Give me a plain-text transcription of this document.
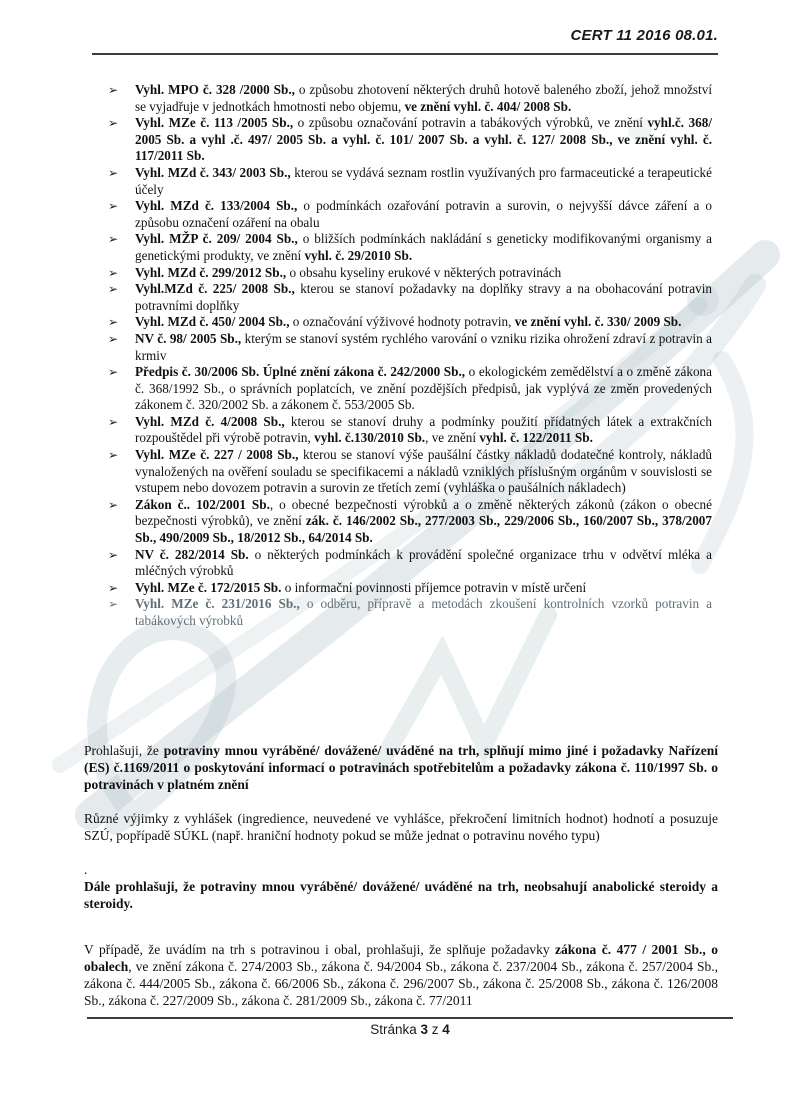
CERT 11 2016 08.01.
➢ Vyhl. MPO č. 328 /2000 Sb., o způsobu zhotovení některých druhů hotově baleného zboží, jehož množství se vyjadřuje v jednotkách hmotnosti nebo objemu, ve znění vyhl. č. 404/ 2008 Sb.
➢ Vyhl. MZe č. 113 /2005 Sb., o způsobu označování potravin a tabákových výrobků, ve znění vyhl.č. 368/ 2005 Sb. a vyhl .č. 497/ 2005 Sb. a vyhl. č. 101/ 2007 Sb. a vyhl. č. 127/ 2008 Sb., ve znění vyhl. č. 117/2011 Sb.
➢ Vyhl. MZd č. 343/ 2003 Sb., kterou se vydává seznam rostlin využívaných pro farmaceutické a terapeutické účely
➢ Vyhl. MZd č. 133/2004 Sb., o podmínkách ozařování potravin a surovin, o nejvyšší dávce záření a o způsobu označení ozáření na obalu
➢ Vyhl. MŽP č. 209/ 2004 Sb., o bližších podmínkách nakládání s geneticky modifikovanými organismy a genetickými produkty, ve znění vyhl. č. 29/2010 Sb.
➢ Vyhl. MZd č. 299/2012 Sb., o obsahu kyseliny erukové v některých potravinách
➢ Vyhl.MZd č. 225/ 2008 Sb., kterou se stanoví požadavky na doplňky stravy a na obohacování potravin potravními doplňky
➢ Vyhl. MZd č. 450/ 2004 Sb., o označování výživové hodnoty potravin, ve znění vyhl. č. 330/ 2009 Sb.
➢ NV č. 98/ 2005 Sb., kterým se stanoví systém rychlého varování o vzniku rizika ohrožení zdraví z potravin a krmiv
➢ Předpis č. 30/2006 Sb. Úplné znění zákona č. 242/2000 Sb., o ekologickém zemědělství a o změně zákona č. 368/1992 Sb., o správních poplatcích, ve znění pozdějších předpisů, jak vyplývá ze změn provedených zákonem č. 320/2002 Sb. a zákonem č. 553/2005 Sb.
➢ Vyhl. MZd č. 4/2008 Sb., kterou se stanoví druhy a podmínky použití přídatných látek a extrakčních rozpouštědel při výrobě potravin, vyhl. č.130/2010 Sb., ve znění vyhl. č. 122/2011 Sb.
➢ Vyhl. MZe č. 227 / 2008 Sb., kterou se stanoví výše paušální částky nákladů dodatečné kontroly, nákladů vynaložených na ověření souladu se specifikacemi a nákladů vzniklých příslušným orgánům v souvislosti se vstupem nebo dovozem potravin a surovin ze třetích zemí (vyhláška o paušálních nákladech)
➢ Zákon č.. 102/2001 Sb., o obecné bezpečnosti výrobků a o změně některých zákonů (zákon o obecné bezpečnosti výrobků), ve znění zák. č. 146/2002 Sb., 277/2003 Sb., 229/2006 Sb., 160/2007 Sb., 378/2007 Sb., 490/2009 Sb., 18/2012 Sb., 64/2014 Sb.
➢ NV č. 282/2014 Sb. o některých podmínkách k provádění společné organizace trhu v odvětví mléka a mléčných výrobků
➢ Vyhl. MZe č. 172/2015 Sb. o informační povinnosti příjemce potravin v místě určení
➢ Vyhl. MZe č. 231/2016 Sb., o odběru, přípravě a metodách zkoušení kontrolních vzorků potravin a tabákových výrobků

Prohlašuji, že potraviny mnou vyráběné/ dovážené/ uváděné na trh, splňují mimo jiné i požadavky Nařízení (ES) č.1169/2011 o poskytování informací o potravinách spotřebitelům a požadavky zákona č. 110/1997 Sb. o potravinách v platném znění

Různé výjimky z vyhlášek (ingredience, neuvedené ve vyhlášce, překročení limitních hodnot) hodnotí a posuzuje SZÚ, popřípadě SÚKL (např. hraniční hodnoty pokud se může jednat o potravinu nového typu)

.

Dále prohlašuji, že potraviny mnou vyráběné/ dovážené/ uváděné na trh, neobsahují anabolické steroidy a steroidy.

V případě, že uvádím na trh s potravinou i obal, prohlašuji, že splňuje požadavky zákona č. 477 / 2001 Sb., o obalech, ve znění zákona č. 274/2003 Sb., zákona č. 94/2004 Sb., zákona č. 237/2004 Sb., zákona č. 257/2004 Sb., zákona č. 444/2005 Sb., zákona č. 66/2006 Sb., zákona č. 296/2007 Sb., zákona č. 25/2008 Sb., zákona č. 126/2008 Sb., zákona č. 227/2009 Sb., zákona č. 281/2009 Sb., zákona č. 77/2011

Stránka 3 z 4
